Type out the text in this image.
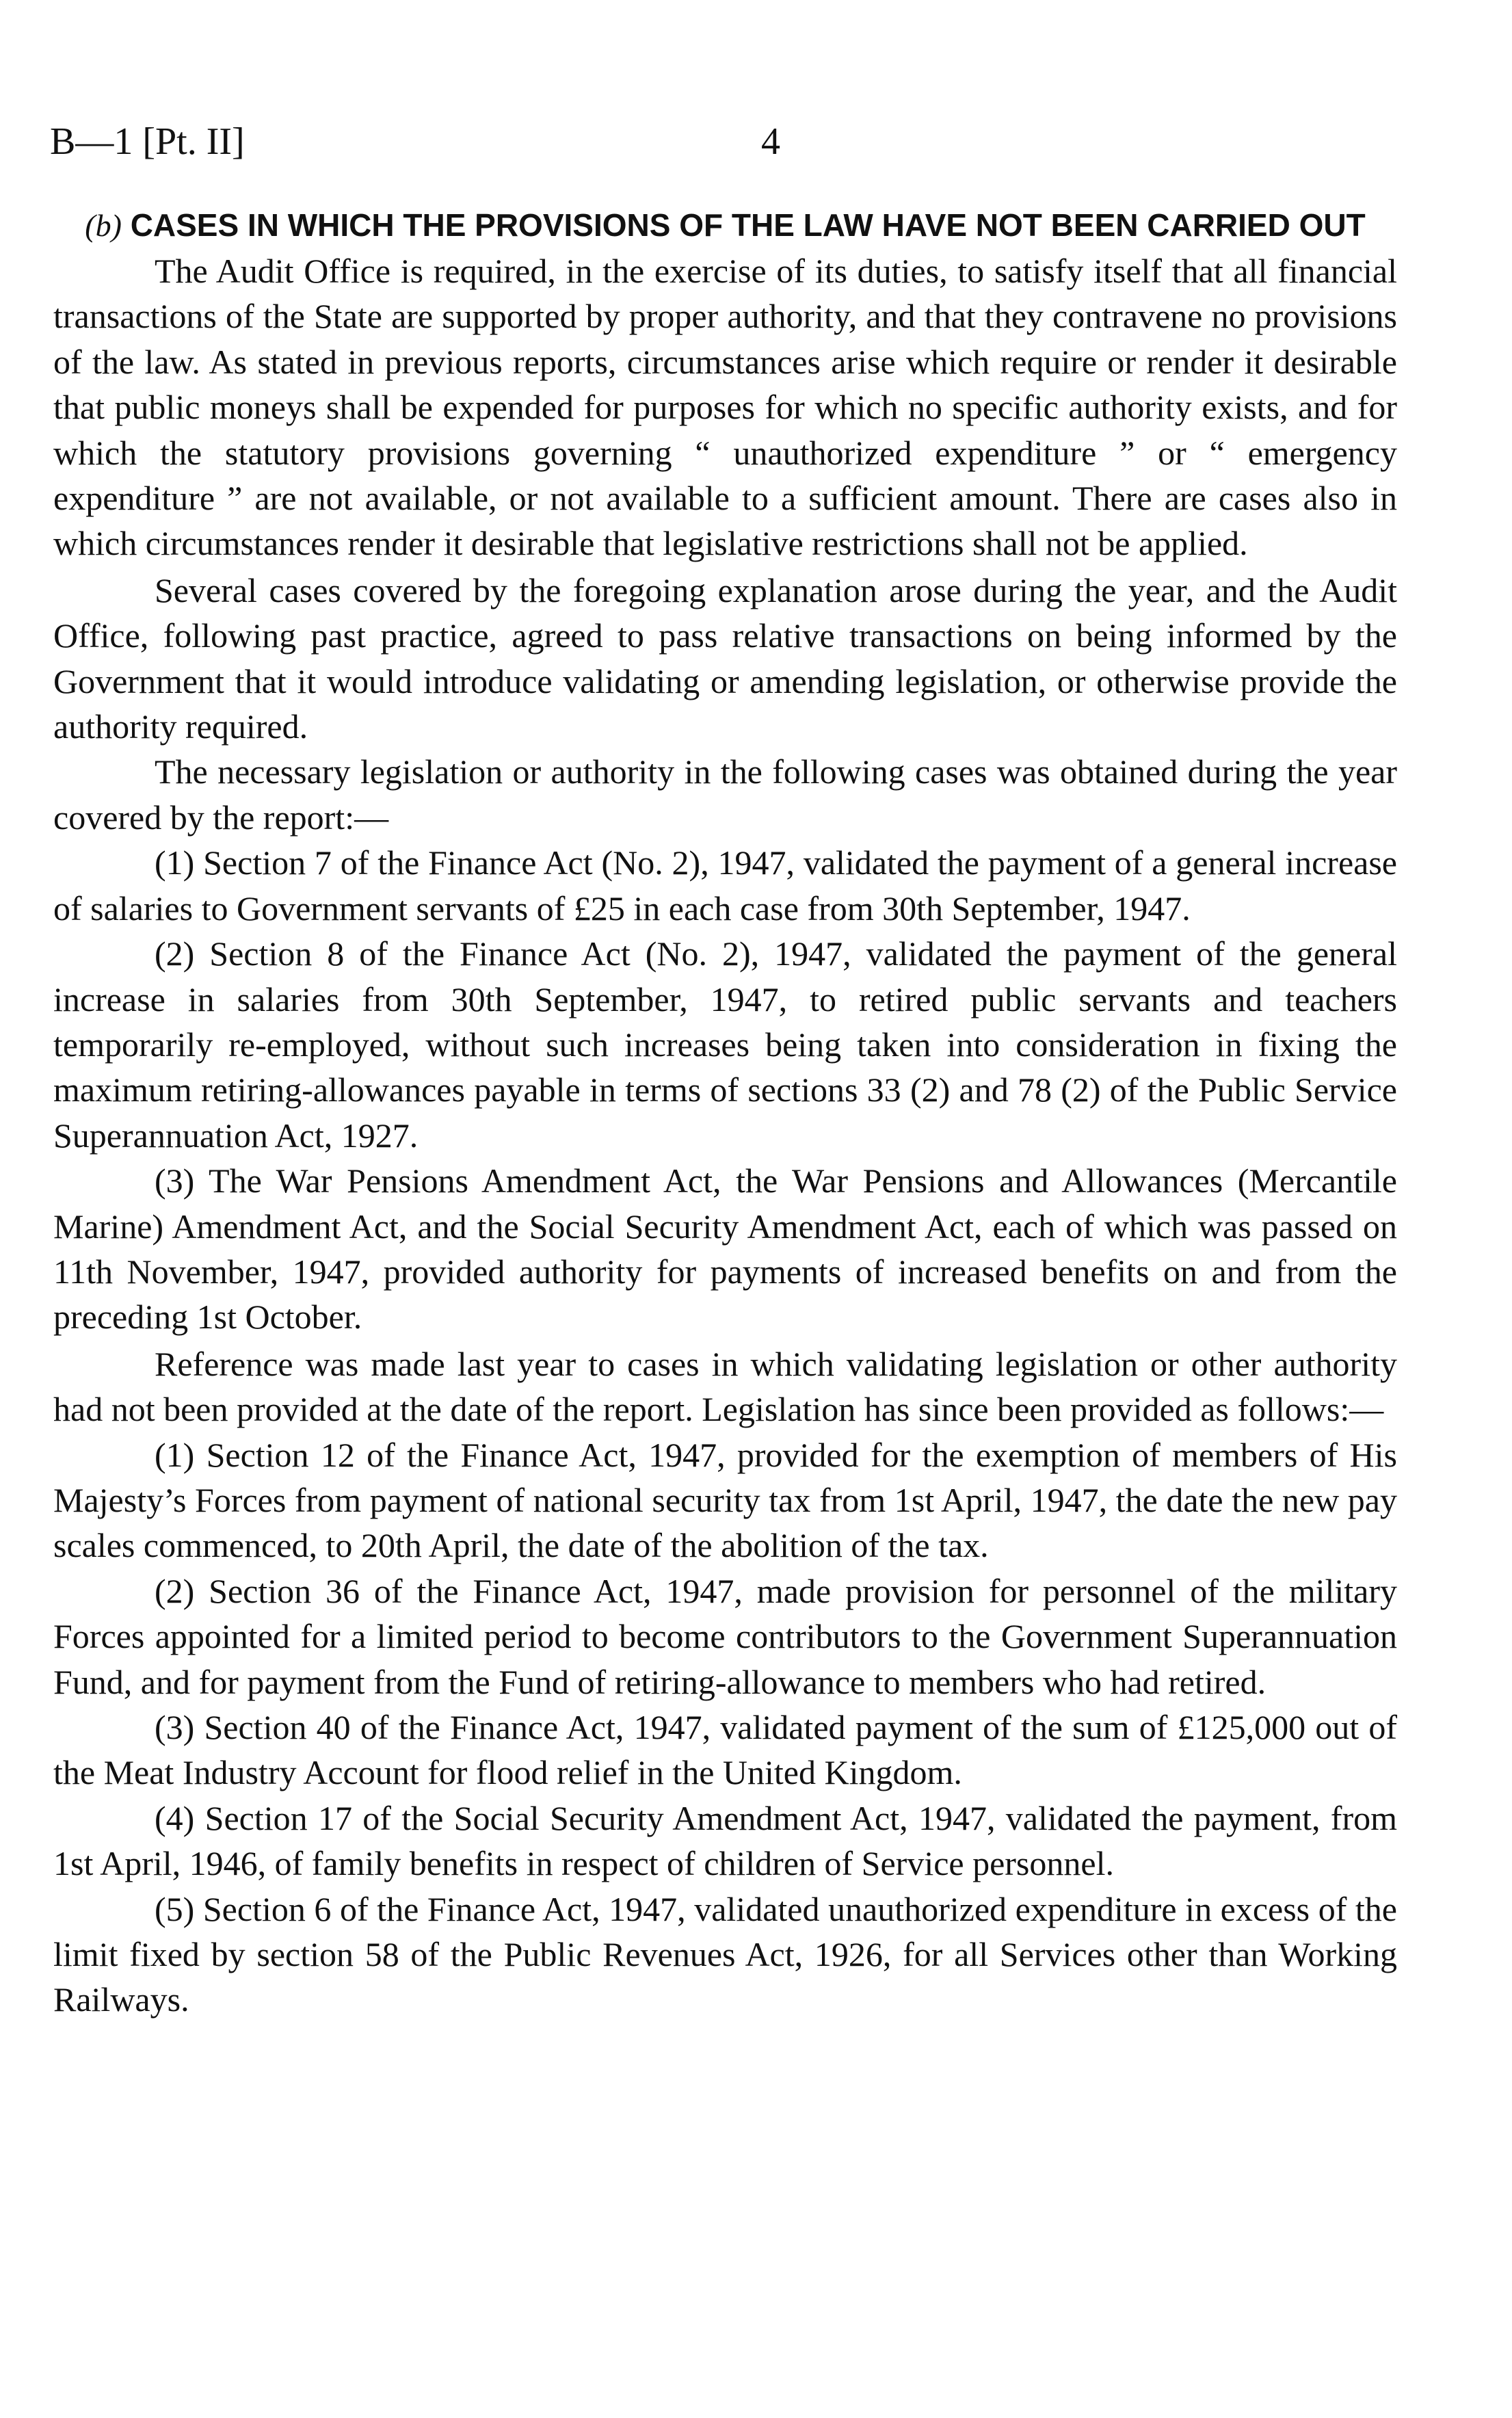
B—1 [Pt. II]	4
(b) CASES IN WHICH THE PROVISIONS OF THE LAW HAVE NOT BEEN CARRIED OUT

The Audit Office is required, in the exercise of its duties, to satisfy itself that all financial transactions of the State are supported by proper authority, and that they contravene no provisions of the law. As stated in previous reports, circumstances arise which require or render it desirable that public moneys shall be expended for purposes for which no specific authority exists, and for which the statutory provisions governing “ unauthorized expenditure ” or “ emergency expenditure ” are not available, or not available to a sufficient amount. There are cases also in which circumstances render it desirable that legislative restrictions shall not be applied.

Several cases covered by the foregoing explanation arose during the year, and the Audit Office, following past practice, agreed to pass relative transactions on being informed by the Government that it would introduce validating or amending legislation, or otherwise provide the authority required.

The necessary legislation or authority in the following cases was obtained during the year covered by the report:—

(1) Section 7 of the Finance Act (No. 2), 1947, validated the payment of a general increase of salaries to Government servants of £25 in each case from 30th September, 1947.

(2) Section 8 of the Finance Act (No. 2), 1947, validated the payment of the general increase in salaries from 30th September, 1947, to retired public servants and teachers temporarily re-employed, without such increases being taken into consideration in fixing the maximum retiring-allowances payable in terms of sections 33 (2) and 78 (2) of the Public Service Superannuation Act, 1927.

(3) The War Pensions Amendment Act, the War Pensions and Allowances (Mercantile Marine) Amendment Act, and the Social Security Amendment Act, each of which was passed on 11th November, 1947, provided authority for payments of increased benefits on and from the preceding 1st October.

Reference was made last year to cases in which validating legislation or other authority had not been provided at the date of the report. Legislation has since been provided as follows:—

(1) Section 12 of the Finance Act, 1947, provided for the exemption of members of His Majesty’s Forces from payment of national security tax from 1st April, 1947, the date the new pay scales commenced, to 20th April, the date of the abolition of the tax.

(2) Section 36 of the Finance Act, 1947, made provision for personnel of the military Forces appointed for a limited period to become contributors to the Government Superannuation Fund, and for payment from the Fund of retiring-allowance to members who had retired.

(3) Section 40 of the Finance Act, 1947, validated payment of the sum of £125,000 out of the Meat Industry Account for flood relief in the United Kingdom.

(4) Section 17 of the Social Security Amendment Act, 1947, validated the payment, from 1st April, 1946, of family benefits in respect of children of Service personnel.

(5) Section 6 of the Finance Act, 1947, validated unauthorized expenditure in excess of the limit fixed by section 58 of the Public Revenues Act, 1926, for all Services other than Working Railways.
